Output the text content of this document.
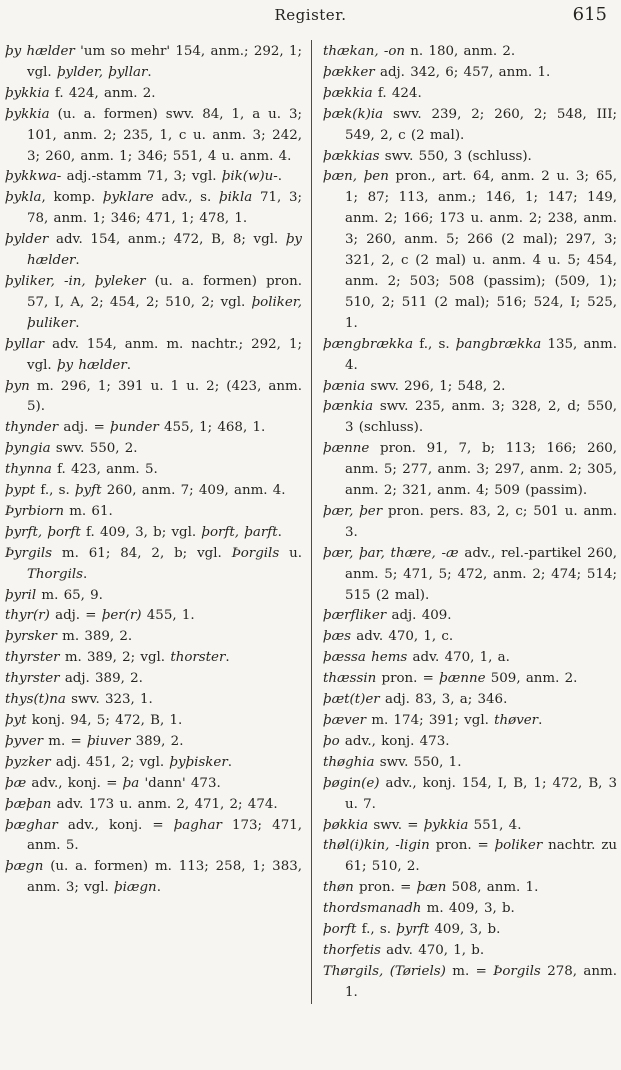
Register.	615

þy hælder 'um so mehr' 154, anm.; 292, 1; vgl. þylder, þyllar.

þykkia f. 424, anm. 2.

þykkia (u. a. formen) swv. 84, 1, a u. 3; 101, anm. 2; 235, 1, c u. anm. 3; 242, 3; 260, anm. 1; 346; 551, 4 u. anm. 4.

þykkwa- adj.-stamm 71, 3; vgl. þik(w)u-.

þykla, komp. þyklare adv., s. þikla 71, 3; 78, anm. 1; 346; 471, 1; 478, 1.

þylder adv. 154, anm.; 472, B, 8; vgl. þy hælder.

þyliker, -in, þyleker (u. a. formen) pron. 57, I, A, 2; 454, 2; 510, 2; vgl. þoliker, þuliker.

þyllar adv. 154, anm. m. nachtr.; 292, 1; vgl. þy hælder.

þyn m. 296, 1; 391 u. 1 u. 2; (423, anm. 5).

thynder adj. = þunder 455, 1; 468, 1.

þyngia swv. 550, 2.

thynna f. 423, anm. 5.

þypt f., s. þyft 260, anm. 7; 409, anm. 4.

Þyrbiorn m. 61.

þyrft, þorft f. 409, 3, b; vgl. þorft, þarft.

Þyrgils m. 61; 84, 2, b; vgl. Þorgils u. Thorgils.

þyril m. 65, 9.

thyr(r) adj. = þer(r) 455, 1.

þyrsker m. 389, 2.

thyrster m. 389, 2; vgl. thorster.

thyrster adj. 389, 2.

thys(t)na swv. 323, 1.

þyt konj. 94, 5; 472, B, 1.

þyver m. = þiuver 389, 2.

þyzker adj. 451, 2; vgl. þyþisker.

þæ adv., konj. = þa 'dann' 473.

þæþan adv. 173 u. anm. 2, 471, 2; 474.

þæghar adv., konj. = þaghar 173; 471, anm. 5.

þægn (u. a. formen) m. 113; 258, 1; 383, anm. 3; vgl. þiægn.

thækan, -on n. 180, anm. 2.

þækker adj. 342, 6; 457, anm. 1.

þækkia f. 424.

þæk(k)ia swv. 239, 2; 260, 2; 548, III; 549, 2, c (2 mal).

þækkias swv. 550, 3 (schluss).

þæn, þen pron., art. 64, anm. 2 u. 3; 65, 1; 87; 113, anm.; 146, 1; 147; 149, anm. 2; 166; 173 u. anm. 2; 238, anm. 3; 260, anm. 5; 266 (2 mal); 297, 3; 321, 2, c (2 mal) u. anm. 4 u. 5; 454, anm. 2; 503; 508 (passim); (509, 1); 510, 2; 511 (2 mal); 516; 524, I; 525, 1.

þængbrækka f., s. þangbrækka 135, anm. 4.

þænia swv. 296, 1; 548, 2.

þænkia swv. 235, anm. 3; 328, 2, d; 550, 3 (schluss).

þænne pron. 91, 7, b; 113; 166; 260, anm. 5; 277, anm. 3; 297, anm. 2; 305, anm. 2; 321, anm. 4; 509 (passim).

þær, þer pron. pers. 83, 2, c; 501 u. anm. 3.

þær, þar, thære, -æ adv., rel.-partikel 260, anm. 5; 471, 5; 472, anm. 2; 474; 514; 515 (2 mal).

þærfliker adj. 409.

þæs adv. 470, 1, c.

þæssa hems adv. 470, 1, a.

thæssin pron. = þænne 509, anm. 2.

þæt(t)er adj. 83, 3, a; 346.

þæver m. 174; 391; vgl. thøver.

þo adv., konj. 473.

thøghia swv. 550, 1.

þøgin(e) adv., konj. 154, I, B, 1; 472, B, 3 u. 7.

þøkkia swv. = þykkia 551, 4.

thøl(i)kin, -ligin pron. = þoliker nachtr. zu 61; 510, 2.

thøn pron. = þæn 508, anm. 1.

thordsmanadh m. 409, 3, b.

þorft f., s. þyrft 409, 3, b.

thorfetis adv. 470, 1, b.

Thørgils, (Tøriels) m. = Þorgils 278, anm. 1.
